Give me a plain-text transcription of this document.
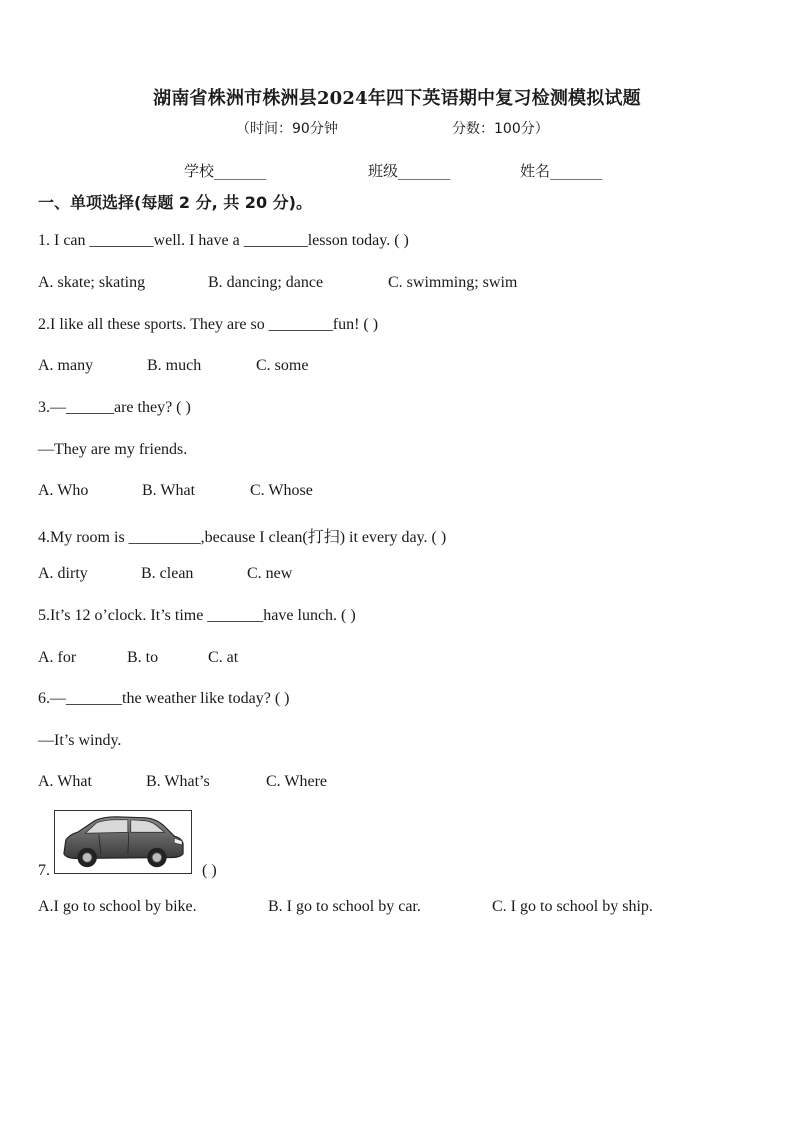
湖南省株洲市株洲县2024年四下英语期中复习检测模拟试题
（时间：90分钟	分数：100分）
学校_______	班级_______	姓名_______
一、单项选择(每题 2 分, 共 20 分)。
1. I can ________well. I have a ________lesson today. ( )
A. skate; skating	B. dancing; dance	C. swimming; swim
2.I like all these sports. They are so ________fun! ( )
A. many	B. much	C. some
3.—______are they? ( )
—They are my friends.
A. Who	B. What	C. Whose
4.My room is _________,because I clean(打扫) it every day. ( )
A. dirty	B. clean	C. new
5.It’s 12 o’clock. It’s time _______have lunch. ( )
A. for	B. to	C. at
6.—_______the weather like today? ( )
—It’s windy.
A. What	B. What’s	C. Where
7.	( )
A.I go to school by bike.	B. I go to school by car.	C. I go to school by ship.
